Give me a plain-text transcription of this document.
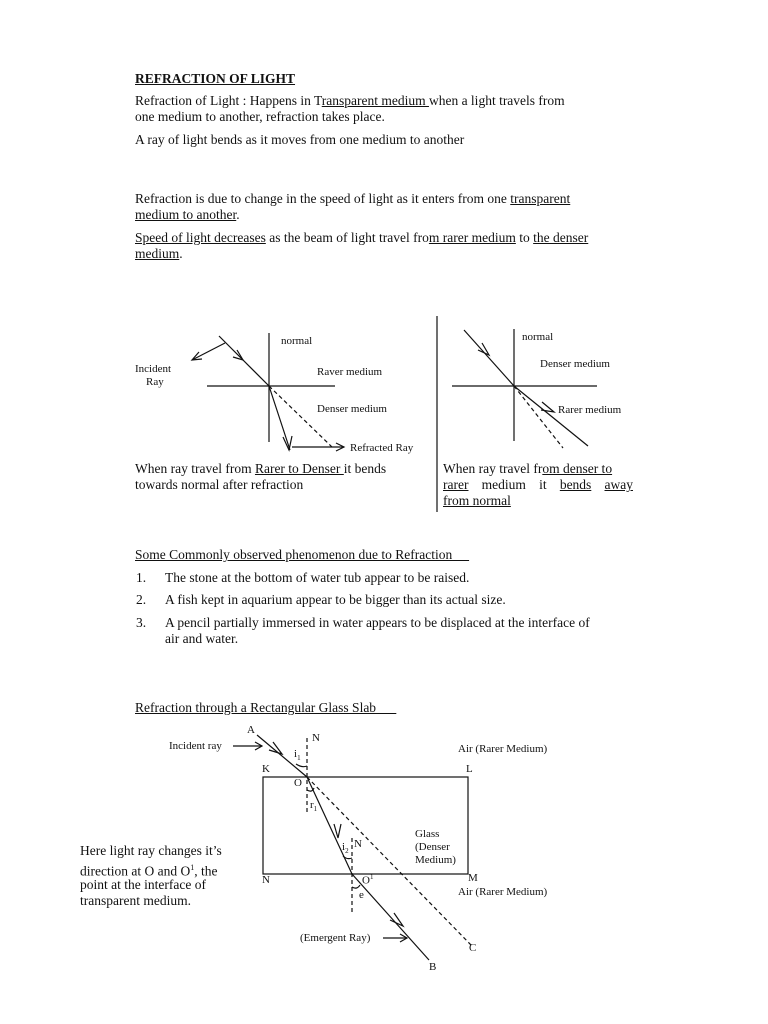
REFRACTION OF LIGHT
Refraction of Light : Happens in Transparent medium when a light travels from
one medium to another, refraction takes place.
A ray of light bends as it moves from one medium to another
Refraction is due to change in the speed of light as it enters from one transparent
medium to another.
Speed of light decreases as the beam of light travel from rarer medium to the denser
medium.
normal
Incident
Ray
Raver medium
Denser medium
Refracted Ray
When ray travel from Rarer to Denser it bends
towards normal after refraction
normal
Denser medium
Rarer medium
When ray travel from denser to
rarer medium it bends away
from normal
Some Commonly observed phenomenon due to Refraction
1. The stone at the bottom of water tub appear to be raised.
2. A fish kept in aquarium appear to be bigger than its actual size.
3. A pencil partially immersed in water appears to be displaced at the interface of
air and water.
Refraction through a Rectangular Glass Slab
A
N
$i_1$
Incident ray	Air (Rarer Medium)
K	L
O
$r_1$
Glass
(Denser
Medium)
$i_2$
N
N	$O^1$	M
Air (Rarer Medium)
e
(Emergent Ray)
C
B
Here light ray changes it’s
direction at O and $O^1$, the
point at the interface of
transparent medium.
